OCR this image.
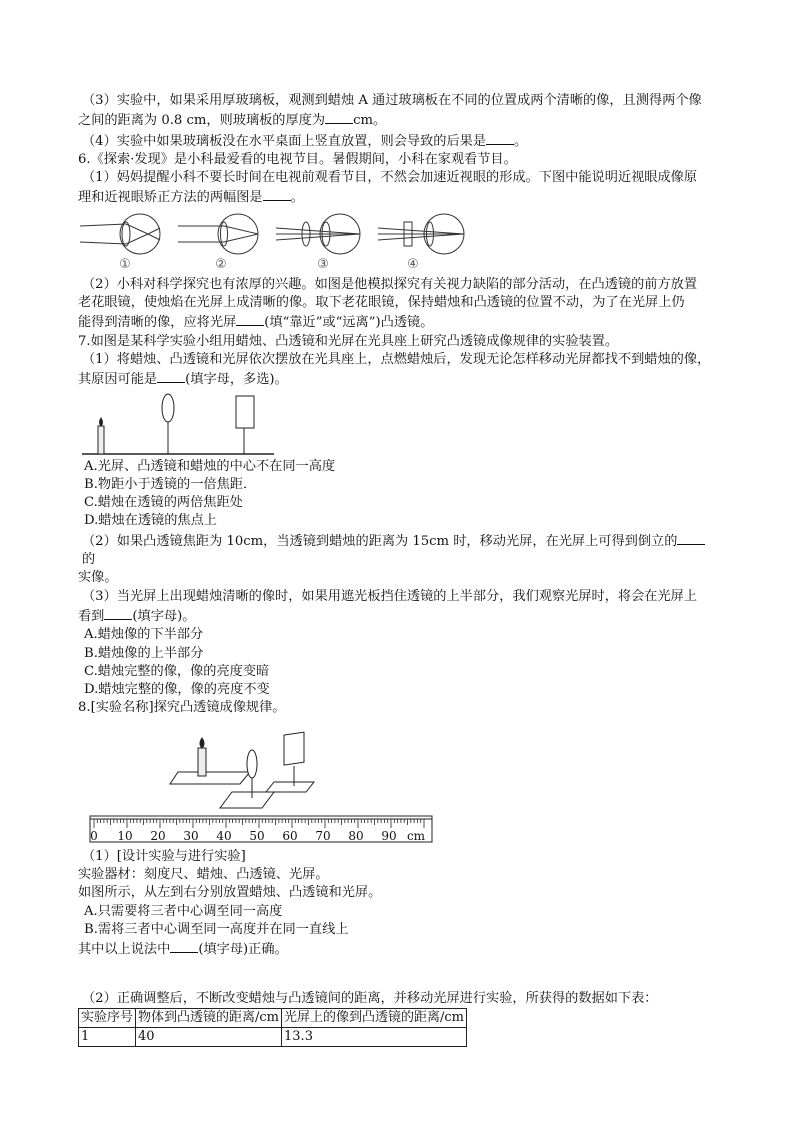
（3）实验中，如果采用厚玻璃板，观测到蜡烛 A 通过玻璃板在不同的位置成两个清晰的像，且测得两个像

之间的距离为 0.8 cm，则玻璃板的厚度为 cm。

（4）实验中如果玻璃板没在水平桌面上竖直放置，则会导致的后果是 。

6.《探索·发现》是小科最爱看的电视节目。暑假期间，小科在家观看节目。

（1）妈妈提醒小科不要长时间在电视前观看节目，不然会加速近视眼的形成。下图中能说明近视眼成像原

理和近视眼矫正方法的两幅图是 。

①	②	③	④

（2）小科对科学探究也有浓厚的兴趣。如图是他模拟探究有关视力缺陷的部分活动，在凸透镜的前方放置

老花眼镜，使烛焰在光屏上成清晰的像。取下老花眼镜，保持蜡烛和凸透镜的位置不动，为了在光屏上仍

能得到清晰的像，应将光屏 (填“靠近”或“远离”)凸透镜。

7.如图是某科学实验小组用蜡烛、凸透镜和光屏在光具座上研究凸透镜成像规律的实验装置。

（1）将蜡烛、凸透镜和光屏依次摆放在光具座上，点燃蜡烛后，发现无论怎样移动光屏都找不到蜡烛的像，

其原因可能是 (填字母，多选)。

A.光屏、凸透镜和蜡烛的中心不在同一高度

B.物距小于透镜的一倍焦距．

C.蜡烛在透镜的两倍焦距处

D.蜡烛在透镜的焦点上

（2）如果凸透镜焦距为 10cm，当透镜到蜡烛的距离为 15cm 时，移动光屏，在光屏上可得到倒立的的

实像。

（3）当光屏上出现蜡烛清晰的像时，如果用遮光板挡住透镜的上半部分，我们观察光屏时，将会在光屏上

看到 (填字母)。

A.蜡烛像的下半部分

B.蜡烛像的上半部分

C.蜡烛完整的像，像的亮度变暗

D.蜡烛完整的像，像的亮度不变

8.[实验名称]探究凸透镜成像规律。

0 10 20 30 40 50 60 70 80 90 cm

（1）[设计实验与进行实验]

实验器材：刻度尺、蜡烛、凸透镜、光屏。

如图所示，从左到右分别放置蜡烛、凸透镜和光屏。

A.只需要将三者中心调至同一高度

B.需将三者中心调至同一高度并在同一直线上

其中以上说法中 (填字母)正确。

（2）正确调整后，不断改变蜡烛与凸透镜间的距离，并移动光屏进行实验，所获得的数据如下表：

实验序号	物体到凸透镜的距离/cm	光屏上的像到凸透镜的距离/cm
1	40	13.3
